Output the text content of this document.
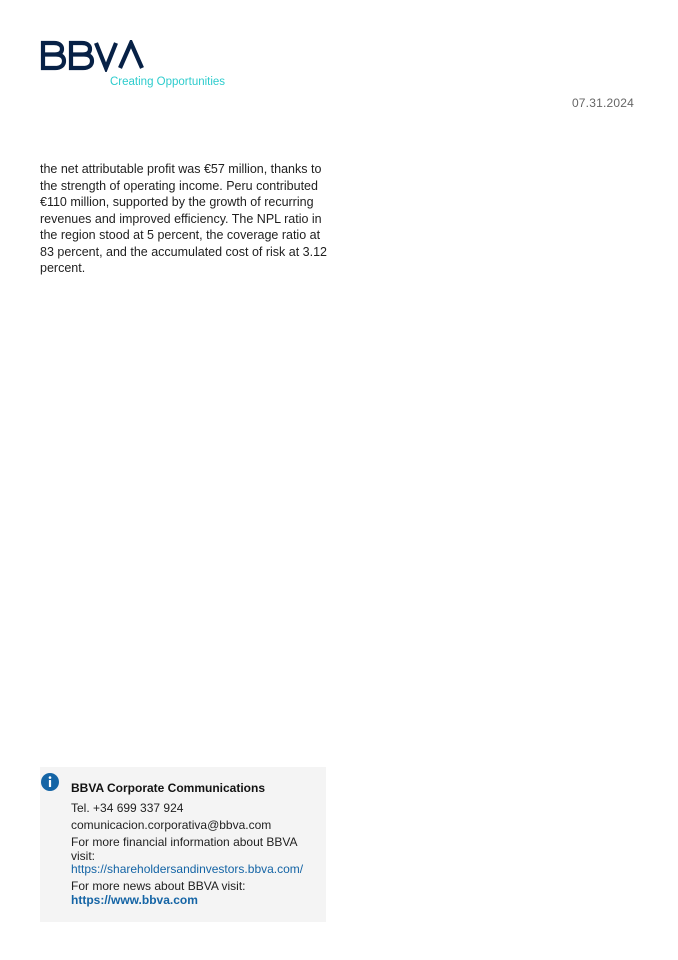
Creating Opportunities
07.31.2024

the net attributable profit was €57 million, thanks to the strength of operating income. Peru contributed €110 million, supported by the growth of recurring revenues and improved efficiency. The NPL ratio in the region stood at 5 percent, the coverage ratio at 83 percent, and the accumulated cost of risk at 3.12 percent.

BBVA Corporate Communications
Tel. +34 699 337 924
comunicacion.corporativa@bbva.com
For more financial information about BBVA visit:
https://shareholdersandinvestors.bbva.com/
For more news about BBVA visit:
https://www.bbva.com
